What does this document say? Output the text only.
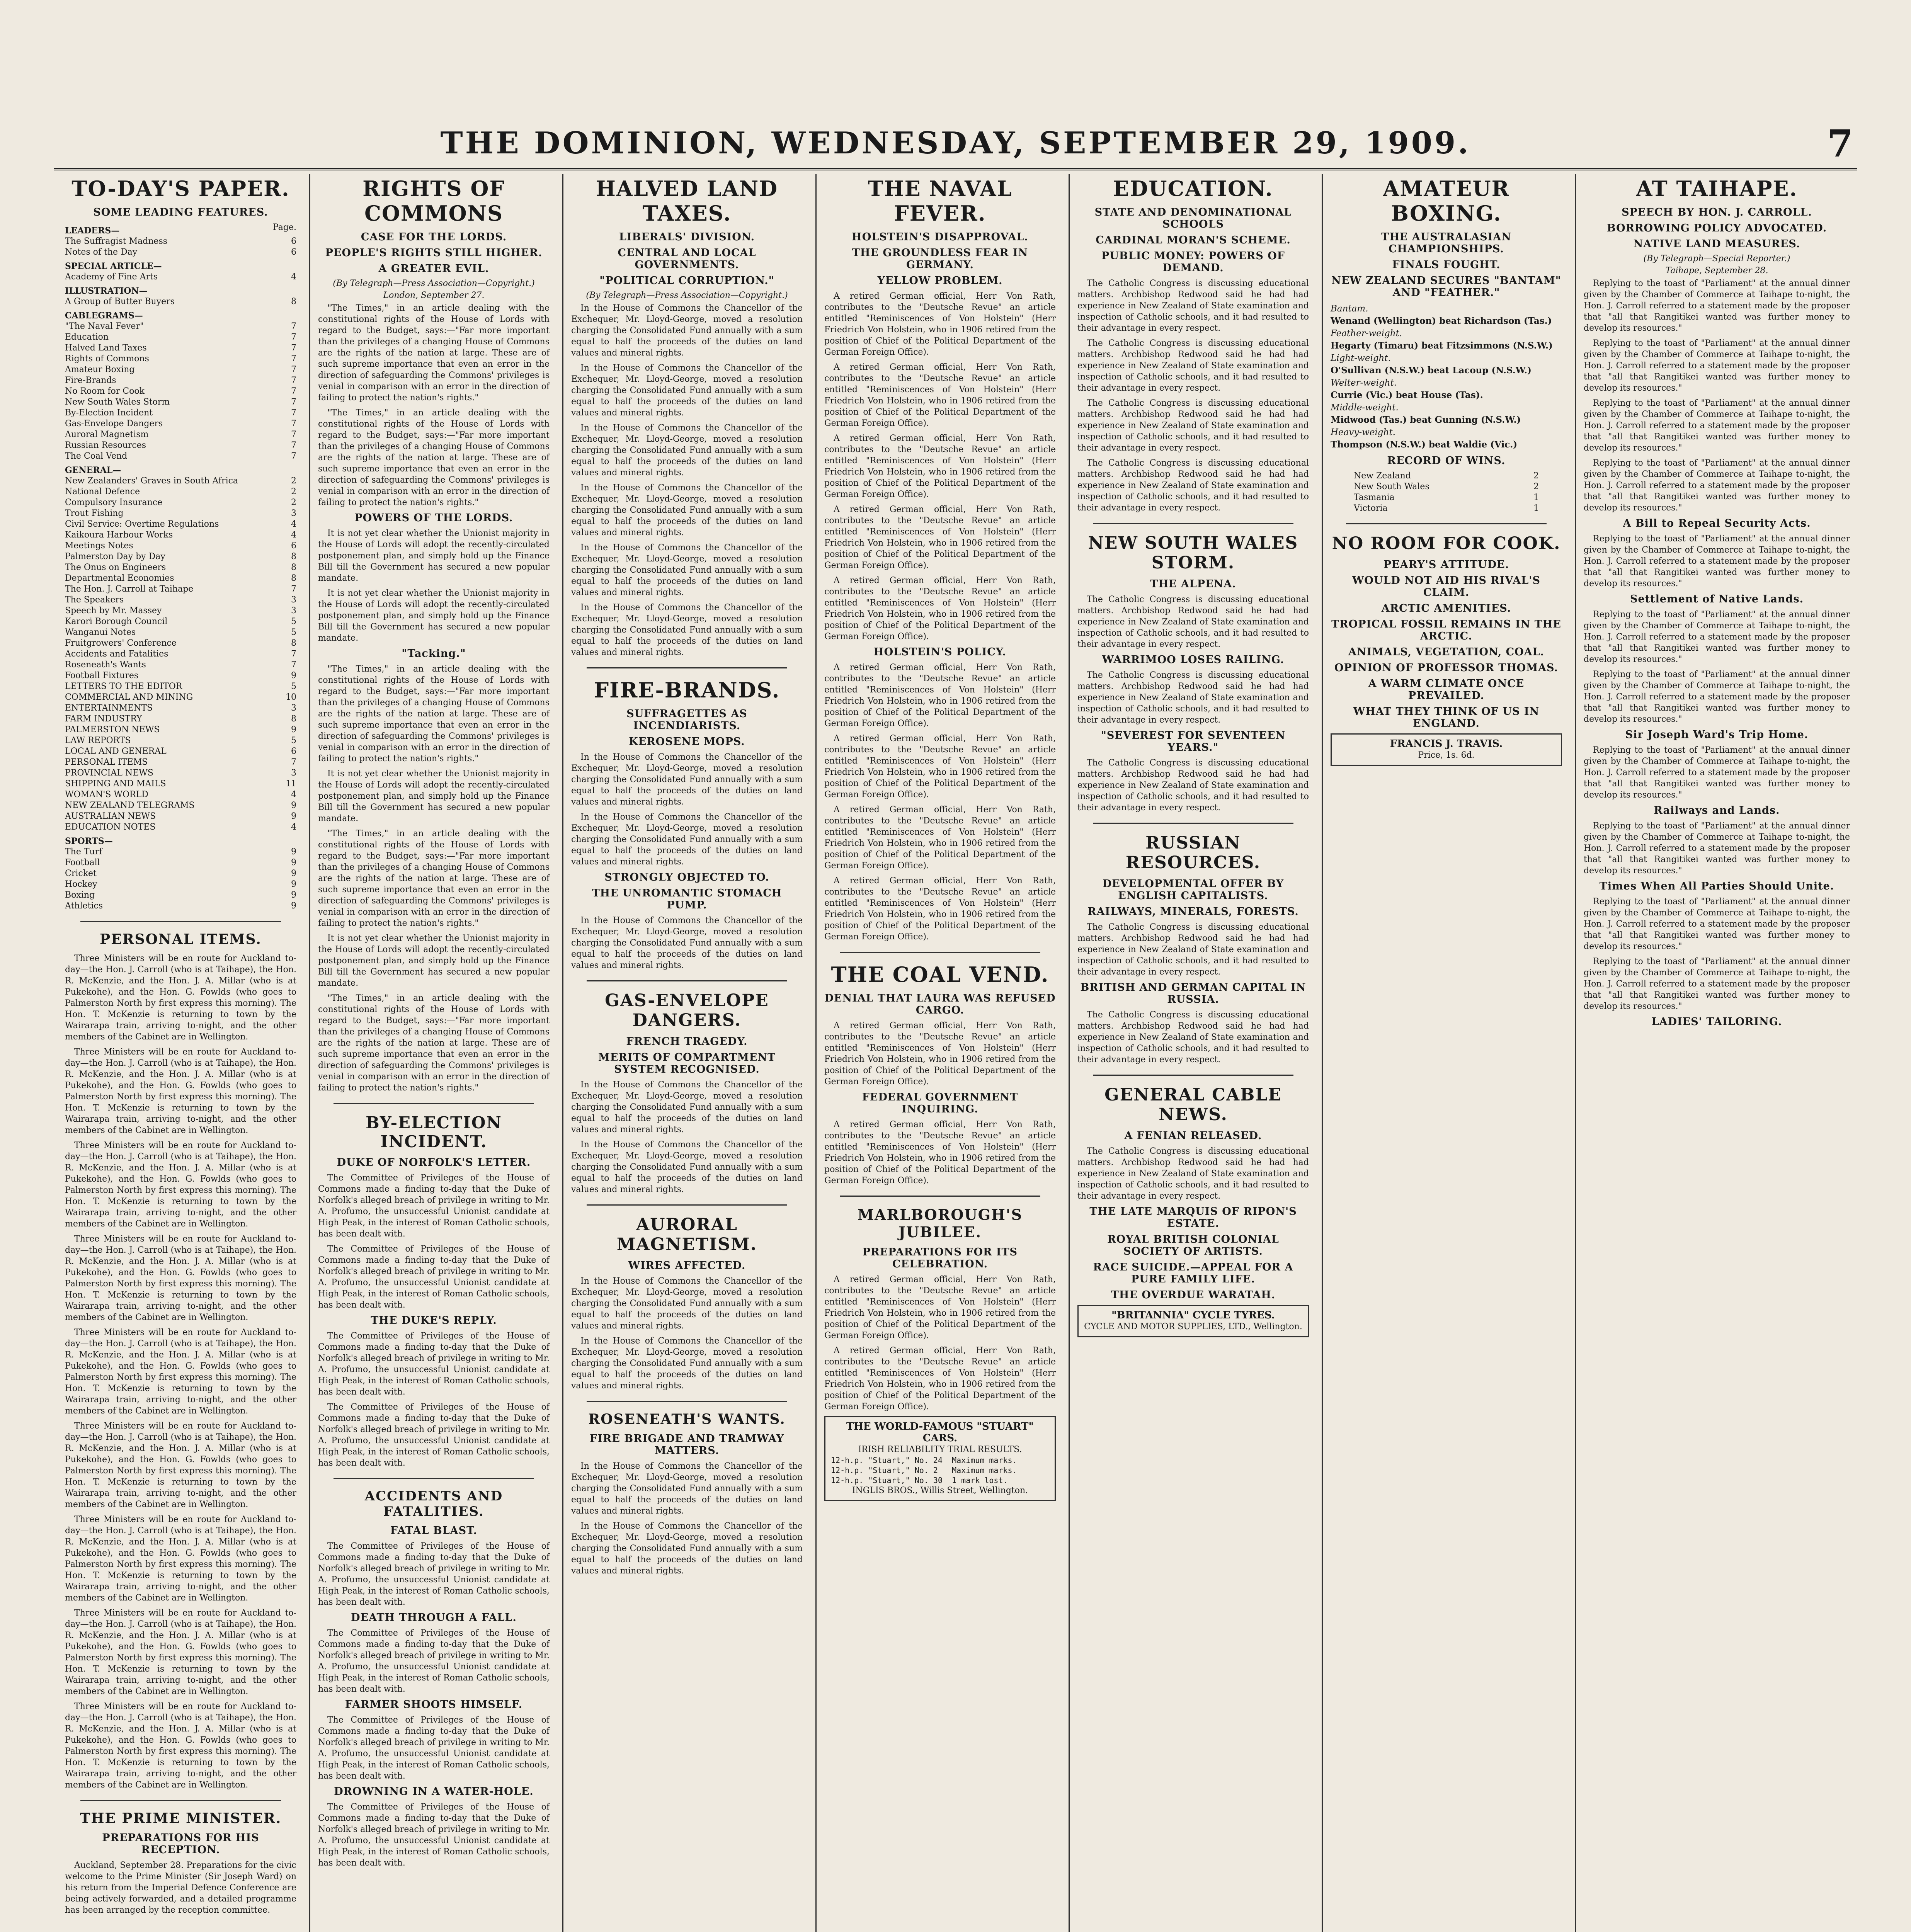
THE DOMINION, WEDNESDAY, SEPTEMBER 29, 1909.	7
TO-DAY'S PAPER.
SOME LEADING FEATURES.
LEADERS—	Page.
The Suffragist Madness	6
Notes of the Day	6
SPECIAL ARTICLE—
Academy of Fine Arts	4
ILLUSTRATION—
A Group of Butter Buyers	8
CABLEGRAMS—
"The Naval Fever"	7
Education	7
Halved Land Taxes	7
Rights of Commons	7
Amateur Boxing	7
Fire-Brands	7
No Room for Cook	7
New South Wales Storm	7
By-Election Incident	7
Gas-Envelope Dangers	7
Auroral Magnetism	7
Russian Resources	7
The Coal Vend	7
GENERAL—
New Zealanders' Graves in South Africa	2
National Defence	2
Compulsory Insurance	2
Trout Fishing	3
Civil Service: Overtime Regulations	4
Kaikoura Harbour Works	4
Meetings Notes	6
Palmerston Day by Day	8
The Onus on Engineers	8
Departmental Economies	8
The Hon. J. Carroll at Taihape	7
The Speakers	3
Speech by Mr. Massey	3
Karori Borough Council	5
Wanganui Notes	5
Fruitgrowers' Conference	8
Accidents and Fatalities	7
Roseneath's Wants	7
Football Fixtures	9
LETTERS TO THE EDITOR	5
COMMERCIAL AND MINING	10
ENTERTAINMENTS	3
FARM INDUSTRY	8
PALMERSTON NEWS	9
LAW REPORTS	5
LOCAL AND GENERAL	6
PERSONAL ITEMS	7
PROVINCIAL NEWS	3
SHIPPING AND MAILS	11
WOMAN'S WORLD	4
NEW ZEALAND TELEGRAMS	9
AUSTRALIAN NEWS	9
EDUCATION NOTES	4
SPORTS—
The Turf	9
Football	9
Cricket	9
Hockey	9
Boxing	9
Athletics	9
PERSONAL ITEMS.

Three Ministers will be en route for Auckland to-day—the Hon. J. Carroll (who is at Taihape), the Hon. R. McKenzie, and the Hon. J. A. Millar (who is at Pukekohe), and the Hon. G. Fowlds (who goes to Palmerston North by first express this morning). The Hon. T. McKenzie is returning to town by the Wairarapa train, arriving to-night, and the other members of the Cabinet are in Wellington.

Three Ministers will be en route for Auckland to-day—the Hon. J. Carroll (who is at Taihape), the Hon. R. McKenzie, and the Hon. J. A. Millar (who is at Pukekohe), and the Hon. G. Fowlds (who goes to Palmerston North by first express this morning). The Hon. T. McKenzie is returning to town by the Wairarapa train, arriving to-night, and the other members of the Cabinet are in Wellington.

Three Ministers will be en route for Auckland to-day—the Hon. J. Carroll (who is at Taihape), the Hon. R. McKenzie, and the Hon. J. A. Millar (who is at Pukekohe), and the Hon. G. Fowlds (who goes to Palmerston North by first express this morning). The Hon. T. McKenzie is returning to town by the Wairarapa train, arriving to-night, and the other members of the Cabinet are in Wellington.

Three Ministers will be en route for Auckland to-day—the Hon. J. Carroll (who is at Taihape), the Hon. R. McKenzie, and the Hon. J. A. Millar (who is at Pukekohe), and the Hon. G. Fowlds (who goes to Palmerston North by first express this morning). The Hon. T. McKenzie is returning to town by the Wairarapa train, arriving to-night, and the other members of the Cabinet are in Wellington.

Three Ministers will be en route for Auckland to-day—the Hon. J. Carroll (who is at Taihape), the Hon. R. McKenzie, and the Hon. J. A. Millar (who is at Pukekohe), and the Hon. G. Fowlds (who goes to Palmerston North by first express this morning). The Hon. T. McKenzie is returning to town by the Wairarapa train, arriving to-night, and the other members of the Cabinet are in Wellington.

Three Ministers will be en route for Auckland to-day—the Hon. J. Carroll (who is at Taihape), the Hon. R. McKenzie, and the Hon. J. A. Millar (who is at Pukekohe), and the Hon. G. Fowlds (who goes to Palmerston North by first express this morning). The Hon. T. McKenzie is returning to town by the Wairarapa train, arriving to-night, and the other members of the Cabinet are in Wellington.

Three Ministers will be en route for Auckland to-day—the Hon. J. Carroll (who is at Taihape), the Hon. R. McKenzie, and the Hon. J. A. Millar (who is at Pukekohe), and the Hon. G. Fowlds (who goes to Palmerston North by first express this morning). The Hon. T. McKenzie is returning to town by the Wairarapa train, arriving to-night, and the other members of the Cabinet are in Wellington.

Three Ministers will be en route for Auckland to-day—the Hon. J. Carroll (who is at Taihape), the Hon. R. McKenzie, and the Hon. J. A. Millar (who is at Pukekohe), and the Hon. G. Fowlds (who goes to Palmerston North by first express this morning). The Hon. T. McKenzie is returning to town by the Wairarapa train, arriving to-night, and the other members of the Cabinet are in Wellington.

Three Ministers will be en route for Auckland to-day—the Hon. J. Carroll (who is at Taihape), the Hon. R. McKenzie, and the Hon. J. A. Millar (who is at Pukekohe), and the Hon. G. Fowlds (who goes to Palmerston North by first express this morning). The Hon. T. McKenzie is returning to town by the Wairarapa train, arriving to-night, and the other members of the Cabinet are in Wellington.

THE PRIME MINISTER.
PREPARATIONS FOR HIS RECEPTION.

Auckland, September 28. Preparations for the civic welcome to the Prime Minister (Sir Joseph Ward) on his return from the Imperial Defence Conference are being actively forwarded, and a detailed programme has been arranged by the reception committee.

RIGHTS OF COMMONS
CASE FOR THE LORDS.
PEOPLE'S RIGHTS STILL HIGHER.
A GREATER EVIL.
(By Telegraph—Press Association—Copyright.)
London, September 27.

"The Times," in an article dealing with the constitutional rights of the House of Lords with regard to the Budget, says:—"Far more important than the privileges of a changing House of Commons are the rights of the nation at large. These are of such supreme importance that even an error in the direction of safeguarding the Commons' privileges is venial in comparison with an error in the direction of failing to protect the nation's rights."

"The Times," in an article dealing with the constitutional rights of the House of Lords with regard to the Budget, says:—"Far more important than the privileges of a changing House of Commons are the rights of the nation at large. These are of such supreme importance that even an error in the direction of safeguarding the Commons' privileges is venial in comparison with an error in the direction of failing to protect the nation's rights."

POWERS OF THE LORDS.

It is not yet clear whether the Unionist majority in the House of Lords will adopt the recently-circulated postponement plan, and simply hold up the Finance Bill till the Government has secured a new popular mandate.

It is not yet clear whether the Unionist majority in the House of Lords will adopt the recently-circulated postponement plan, and simply hold up the Finance Bill till the Government has secured a new popular mandate.

"Tacking."

"The Times," in an article dealing with the constitutional rights of the House of Lords with regard to the Budget, says:—"Far more important than the privileges of a changing House of Commons are the rights of the nation at large. These are of such supreme importance that even an error in the direction of safeguarding the Commons' privileges is venial in comparison with an error in the direction of failing to protect the nation's rights."

It is not yet clear whether the Unionist majority in the House of Lords will adopt the recently-circulated postponement plan, and simply hold up the Finance Bill till the Government has secured a new popular mandate.

"The Times," in an article dealing with the constitutional rights of the House of Lords with regard to the Budget, says:—"Far more important than the privileges of a changing House of Commons are the rights of the nation at large. These are of such supreme importance that even an error in the direction of safeguarding the Commons' privileges is venial in comparison with an error in the direction of failing to protect the nation's rights."

It is not yet clear whether the Unionist majority in the House of Lords will adopt the recently-circulated postponement plan, and simply hold up the Finance Bill till the Government has secured a new popular mandate.

"The Times," in an article dealing with the constitutional rights of the House of Lords with regard to the Budget, says:—"Far more important than the privileges of a changing House of Commons are the rights of the nation at large. These are of such supreme importance that even an error in the direction of safeguarding the Commons' privileges is venial in comparison with an error in the direction of failing to protect the nation's rights."

BY-ELECTION INCIDENT.
DUKE OF NORFOLK'S LETTER.

The Committee of Privileges of the House of Commons made a finding to-day that the Duke of Norfolk's alleged breach of privilege in writing to Mr. A. Profumo, the unsuccessful Unionist candidate at High Peak, in the interest of Roman Catholic schools, has been dealt with.

The Committee of Privileges of the House of Commons made a finding to-day that the Duke of Norfolk's alleged breach of privilege in writing to Mr. A. Profumo, the unsuccessful Unionist candidate at High Peak, in the interest of Roman Catholic schools, has been dealt with.

THE DUKE'S REPLY.

The Committee of Privileges of the House of Commons made a finding to-day that the Duke of Norfolk's alleged breach of privilege in writing to Mr. A. Profumo, the unsuccessful Unionist candidate at High Peak, in the interest of Roman Catholic schools, has been dealt with.

The Committee of Privileges of the House of Commons made a finding to-day that the Duke of Norfolk's alleged breach of privilege in writing to Mr. A. Profumo, the unsuccessful Unionist candidate at High Peak, in the interest of Roman Catholic schools, has been dealt with.

ACCIDENTS AND FATALITIES.
FATAL BLAST.

The Committee of Privileges of the House of Commons made a finding to-day that the Duke of Norfolk's alleged breach of privilege in writing to Mr. A. Profumo, the unsuccessful Unionist candidate at High Peak, in the interest of Roman Catholic schools, has been dealt with.

DEATH THROUGH A FALL.

The Committee of Privileges of the House of Commons made a finding to-day that the Duke of Norfolk's alleged breach of privilege in writing to Mr. A. Profumo, the unsuccessful Unionist candidate at High Peak, in the interest of Roman Catholic schools, has been dealt with.

FARMER SHOOTS HIMSELF.

The Committee of Privileges of the House of Commons made a finding to-day that the Duke of Norfolk's alleged breach of privilege in writing to Mr. A. Profumo, the unsuccessful Unionist candidate at High Peak, in the interest of Roman Catholic schools, has been dealt with.

DROWNING IN A WATER-HOLE.

The Committee of Privileges of the House of Commons made a finding to-day that the Duke of Norfolk's alleged breach of privilege in writing to Mr. A. Profumo, the unsuccessful Unionist candidate at High Peak, in the interest of Roman Catholic schools, has been dealt with.

HALVED LAND TAXES.
LIBERALS' DIVISION.
CENTRAL AND LOCAL GOVERNMENTS.
"POLITICAL CORRUPTION."
(By Telegraph—Press Association—Copyright.)

In the House of Commons the Chancellor of the Exchequer, Mr. Lloyd-George, moved a resolution charging the Consolidated Fund annually with a sum equal to half the proceeds of the duties on land values and mineral rights.

In the House of Commons the Chancellor of the Exchequer, Mr. Lloyd-George, moved a resolution charging the Consolidated Fund annually with a sum equal to half the proceeds of the duties on land values and mineral rights.

In the House of Commons the Chancellor of the Exchequer, Mr. Lloyd-George, moved a resolution charging the Consolidated Fund annually with a sum equal to half the proceeds of the duties on land values and mineral rights.

In the House of Commons the Chancellor of the Exchequer, Mr. Lloyd-George, moved a resolution charging the Consolidated Fund annually with a sum equal to half the proceeds of the duties on land values and mineral rights.

In the House of Commons the Chancellor of the Exchequer, Mr. Lloyd-George, moved a resolution charging the Consolidated Fund annually with a sum equal to half the proceeds of the duties on land values and mineral rights.

In the House of Commons the Chancellor of the Exchequer, Mr. Lloyd-George, moved a resolution charging the Consolidated Fund annually with a sum equal to half the proceeds of the duties on land values and mineral rights.

FIRE-BRANDS.
SUFFRAGETTES AS INCENDIARISTS.
KEROSENE MOPS.

In the House of Commons the Chancellor of the Exchequer, Mr. Lloyd-George, moved a resolution charging the Consolidated Fund annually with a sum equal to half the proceeds of the duties on land values and mineral rights.

In the House of Commons the Chancellor of the Exchequer, Mr. Lloyd-George, moved a resolution charging the Consolidated Fund annually with a sum equal to half the proceeds of the duties on land values and mineral rights.

STRONGLY OBJECTED TO.
THE UNROMANTIC STOMACH PUMP.

In the House of Commons the Chancellor of the Exchequer, Mr. Lloyd-George, moved a resolution charging the Consolidated Fund annually with a sum equal to half the proceeds of the duties on land values and mineral rights.

GAS-ENVELOPE DANGERS.
FRENCH TRAGEDY.
MERITS OF COMPARTMENT SYSTEM RECOGNISED.

In the House of Commons the Chancellor of the Exchequer, Mr. Lloyd-George, moved a resolution charging the Consolidated Fund annually with a sum equal to half the proceeds of the duties on land values and mineral rights.

In the House of Commons the Chancellor of the Exchequer, Mr. Lloyd-George, moved a resolution charging the Consolidated Fund annually with a sum equal to half the proceeds of the duties on land values and mineral rights.

AURORAL MAGNETISM.
WIRES AFFECTED.

In the House of Commons the Chancellor of the Exchequer, Mr. Lloyd-George, moved a resolution charging the Consolidated Fund annually with a sum equal to half the proceeds of the duties on land values and mineral rights.

In the House of Commons the Chancellor of the Exchequer, Mr. Lloyd-George, moved a resolution charging the Consolidated Fund annually with a sum equal to half the proceeds of the duties on land values and mineral rights.

ROSENEATH'S WANTS.
FIRE BRIGADE AND TRAMWAY MATTERS.

In the House of Commons the Chancellor of the Exchequer, Mr. Lloyd-George, moved a resolution charging the Consolidated Fund annually with a sum equal to half the proceeds of the duties on land values and mineral rights.

In the House of Commons the Chancellor of the Exchequer, Mr. Lloyd-George, moved a resolution charging the Consolidated Fund annually with a sum equal to half the proceeds of the duties on land values and mineral rights.

THE NAVAL FEVER.
HOLSTEIN'S DISAPPROVAL.
THE GROUNDLESS FEAR IN GERMANY.
YELLOW PROBLEM.

A retired German official, Herr Von Rath, contributes to the "Deutsche Revue" an article entitled "Reminiscences of Von Holstein" (Herr Friedrich Von Holstein, who in 1906 retired from the position of Chief of the Political Department of the German Foreign Office).

A retired German official, Herr Von Rath, contributes to the "Deutsche Revue" an article entitled "Reminiscences of Von Holstein" (Herr Friedrich Von Holstein, who in 1906 retired from the position of Chief of the Political Department of the German Foreign Office).

A retired German official, Herr Von Rath, contributes to the "Deutsche Revue" an article entitled "Reminiscences of Von Holstein" (Herr Friedrich Von Holstein, who in 1906 retired from the position of Chief of the Political Department of the German Foreign Office).

A retired German official, Herr Von Rath, contributes to the "Deutsche Revue" an article entitled "Reminiscences of Von Holstein" (Herr Friedrich Von Holstein, who in 1906 retired from the position of Chief of the Political Department of the German Foreign Office).

A retired German official, Herr Von Rath, contributes to the "Deutsche Revue" an article entitled "Reminiscences of Von Holstein" (Herr Friedrich Von Holstein, who in 1906 retired from the position of Chief of the Political Department of the German Foreign Office).

HOLSTEIN'S POLICY.

A retired German official, Herr Von Rath, contributes to the "Deutsche Revue" an article entitled "Reminiscences of Von Holstein" (Herr Friedrich Von Holstein, who in 1906 retired from the position of Chief of the Political Department of the German Foreign Office).

A retired German official, Herr Von Rath, contributes to the "Deutsche Revue" an article entitled "Reminiscences of Von Holstein" (Herr Friedrich Von Holstein, who in 1906 retired from the position of Chief of the Political Department of the German Foreign Office).

A retired German official, Herr Von Rath, contributes to the "Deutsche Revue" an article entitled "Reminiscences of Von Holstein" (Herr Friedrich Von Holstein, who in 1906 retired from the position of Chief of the Political Department of the German Foreign Office).

A retired German official, Herr Von Rath, contributes to the "Deutsche Revue" an article entitled "Reminiscences of Von Holstein" (Herr Friedrich Von Holstein, who in 1906 retired from the position of Chief of the Political Department of the German Foreign Office).

THE COAL VEND.
DENIAL THAT LAURA WAS REFUSED CARGO.

A retired German official, Herr Von Rath, contributes to the "Deutsche Revue" an article entitled "Reminiscences of Von Holstein" (Herr Friedrich Von Holstein, who in 1906 retired from the position of Chief of the Political Department of the German Foreign Office).

FEDERAL GOVERNMENT INQUIRING.

A retired German official, Herr Von Rath, contributes to the "Deutsche Revue" an article entitled "Reminiscences of Von Holstein" (Herr Friedrich Von Holstein, who in 1906 retired from the position of Chief of the Political Department of the German Foreign Office).

MARLBOROUGH'S JUBILEE.
PREPARATIONS FOR ITS CELEBRATION.

A retired German official, Herr Von Rath, contributes to the "Deutsche Revue" an article entitled "Reminiscences of Von Holstein" (Herr Friedrich Von Holstein, who in 1906 retired from the position of Chief of the Political Department of the German Foreign Office).

A retired German official, Herr Von Rath, contributes to the "Deutsche Revue" an article entitled "Reminiscences of Von Holstein" (Herr Friedrich Von Holstein, who in 1906 retired from the position of Chief of the Political Department of the German Foreign Office).

THE WORLD-FAMOUS "STUART" CARS.
IRISH RELIABILITY TRIAL RESULTS.
12-h.p. "Stuart," No. 24  Maximum marks.
12-h.p. "Stuart," No. 2   Maximum marks.
12-h.p. "Stuart," No. 30  1 mark lost.
INGLIS BROS., Willis Street, Wellington.
EDUCATION.
STATE AND DENOMINATIONAL SCHOOLS
CARDINAL MORAN'S SCHEME.
PUBLIC MONEY: POWERS OF DEMAND.

The Catholic Congress is discussing educational matters. Archbishop Redwood said he had had experience in New Zealand of State examination and inspection of Catholic schools, and it had resulted to their advantage in every respect.

The Catholic Congress is discussing educational matters. Archbishop Redwood said he had had experience in New Zealand of State examination and inspection of Catholic schools, and it had resulted to their advantage in every respect.

The Catholic Congress is discussing educational matters. Archbishop Redwood said he had had experience in New Zealand of State examination and inspection of Catholic schools, and it had resulted to their advantage in every respect.

The Catholic Congress is discussing educational matters. Archbishop Redwood said he had had experience in New Zealand of State examination and inspection of Catholic schools, and it had resulted to their advantage in every respect.

NEW SOUTH WALES STORM.
THE ALPENA.

The Catholic Congress is discussing educational matters. Archbishop Redwood said he had had experience in New Zealand of State examination and inspection of Catholic schools, and it had resulted to their advantage in every respect.

WARRIMOO LOSES RAILING.

The Catholic Congress is discussing educational matters. Archbishop Redwood said he had had experience in New Zealand of State examination and inspection of Catholic schools, and it had resulted to their advantage in every respect.

"SEVEREST FOR SEVENTEEN YEARS."

The Catholic Congress is discussing educational matters. Archbishop Redwood said he had had experience in New Zealand of State examination and inspection of Catholic schools, and it had resulted to their advantage in every respect.

RUSSIAN RESOURCES.
DEVELOPMENTAL OFFER BY ENGLISH CAPITALISTS.
RAILWAYS, MINERALS, FORESTS.

The Catholic Congress is discussing educational matters. Archbishop Redwood said he had had experience in New Zealand of State examination and inspection of Catholic schools, and it had resulted to their advantage in every respect.

BRITISH AND GERMAN CAPITAL IN RUSSIA.

The Catholic Congress is discussing educational matters. Archbishop Redwood said he had had experience in New Zealand of State examination and inspection of Catholic schools, and it had resulted to their advantage in every respect.

GENERAL CABLE NEWS.
A FENIAN RELEASED.

The Catholic Congress is discussing educational matters. Archbishop Redwood said he had had experience in New Zealand of State examination and inspection of Catholic schools, and it had resulted to their advantage in every respect.

THE LATE MARQUIS OF RIPON'S ESTATE.
ROYAL BRITISH COLONIAL SOCIETY OF ARTISTS.
RACE SUICIDE.—APPEAL FOR A PURE FAMILY LIFE.
THE OVERDUE WARATAH.
"BRITANNIA" CYCLE TYRES.
CYCLE AND MOTOR SUPPLIES, LTD., Wellington.
AMATEUR BOXING.
THE AUSTRALASIAN CHAMPIONSHIPS.
FINALS FOUGHT.
NEW ZEALAND SECURES "BANTAM" AND "FEATHER."
Bantam.
Wenand (Wellington) beat Richardson (Tas.)
Feather-weight.
Hegarty (Timaru) beat Fitzsimmons (N.S.W.)
Light-weight.
O'Sullivan (N.S.W.) beat Lacoup (N.S.W.)
Welter-weight.
Currie (Vic.) beat House (Tas).
Middle-weight.
Midwood (Tas.) beat Gunning (N.S.W.)
Heavy-weight.
Thompson (N.S.W.) beat Waldie (Vic.)
RECORD OF WINS.
New Zealand	2
New South Wales	2
Tasmania	1
Victoria	1
NO ROOM FOR COOK.
PEARY'S ATTITUDE.
WOULD NOT AID HIS RIVAL'S CLAIM.
ARCTIC AMENITIES.
TROPICAL FOSSIL REMAINS IN THE ARCTIC.
ANIMALS, VEGETATION, COAL.
OPINION OF PROFESSOR THOMAS.
A WARM CLIMATE ONCE PREVAILED.
WHAT THEY THINK OF US IN ENGLAND.
FRANCIS J. TRAVIS.
Price, 1s. 6d.
AT TAIHAPE.
SPEECH BY HON. J. CARROLL.
BORROWING POLICY ADVOCATED.
NATIVE LAND MEASURES.
(By Telegraph—Special Reporter.)
Taihape, September 28.

Replying to the toast of "Parliament" at the annual dinner given by the Chamber of Commerce at Taihape to-night, the Hon. J. Carroll referred to a statement made by the proposer that "all that Rangitikei wanted was further money to develop its resources."

Replying to the toast of "Parliament" at the annual dinner given by the Chamber of Commerce at Taihape to-night, the Hon. J. Carroll referred to a statement made by the proposer that "all that Rangitikei wanted was further money to develop its resources."

Replying to the toast of "Parliament" at the annual dinner given by the Chamber of Commerce at Taihape to-night, the Hon. J. Carroll referred to a statement made by the proposer that "all that Rangitikei wanted was further money to develop its resources."

Replying to the toast of "Parliament" at the annual dinner given by the Chamber of Commerce at Taihape to-night, the Hon. J. Carroll referred to a statement made by the proposer that "all that Rangitikei wanted was further money to develop its resources."

A Bill to Repeal Security Acts.

Replying to the toast of "Parliament" at the annual dinner given by the Chamber of Commerce at Taihape to-night, the Hon. J. Carroll referred to a statement made by the proposer that "all that Rangitikei wanted was further money to develop its resources."

Settlement of Native Lands.

Replying to the toast of "Parliament" at the annual dinner given by the Chamber of Commerce at Taihape to-night, the Hon. J. Carroll referred to a statement made by the proposer that "all that Rangitikei wanted was further money to develop its resources."

Replying to the toast of "Parliament" at the annual dinner given by the Chamber of Commerce at Taihape to-night, the Hon. J. Carroll referred to a statement made by the proposer that "all that Rangitikei wanted was further money to develop its resources."

Sir Joseph Ward's Trip Home.

Replying to the toast of "Parliament" at the annual dinner given by the Chamber of Commerce at Taihape to-night, the Hon. J. Carroll referred to a statement made by the proposer that "all that Rangitikei wanted was further money to develop its resources."

Railways and Lands.

Replying to the toast of "Parliament" at the annual dinner given by the Chamber of Commerce at Taihape to-night, the Hon. J. Carroll referred to a statement made by the proposer that "all that Rangitikei wanted was further money to develop its resources."

Times When All Parties Should Unite.

Replying to the toast of "Parliament" at the annual dinner given by the Chamber of Commerce at Taihape to-night, the Hon. J. Carroll referred to a statement made by the proposer that "all that Rangitikei wanted was further money to develop its resources."

Replying to the toast of "Parliament" at the annual dinner given by the Chamber of Commerce at Taihape to-night, the Hon. J. Carroll referred to a statement made by the proposer that "all that Rangitikei wanted was further money to develop its resources."

LADIES' TAILORING.
